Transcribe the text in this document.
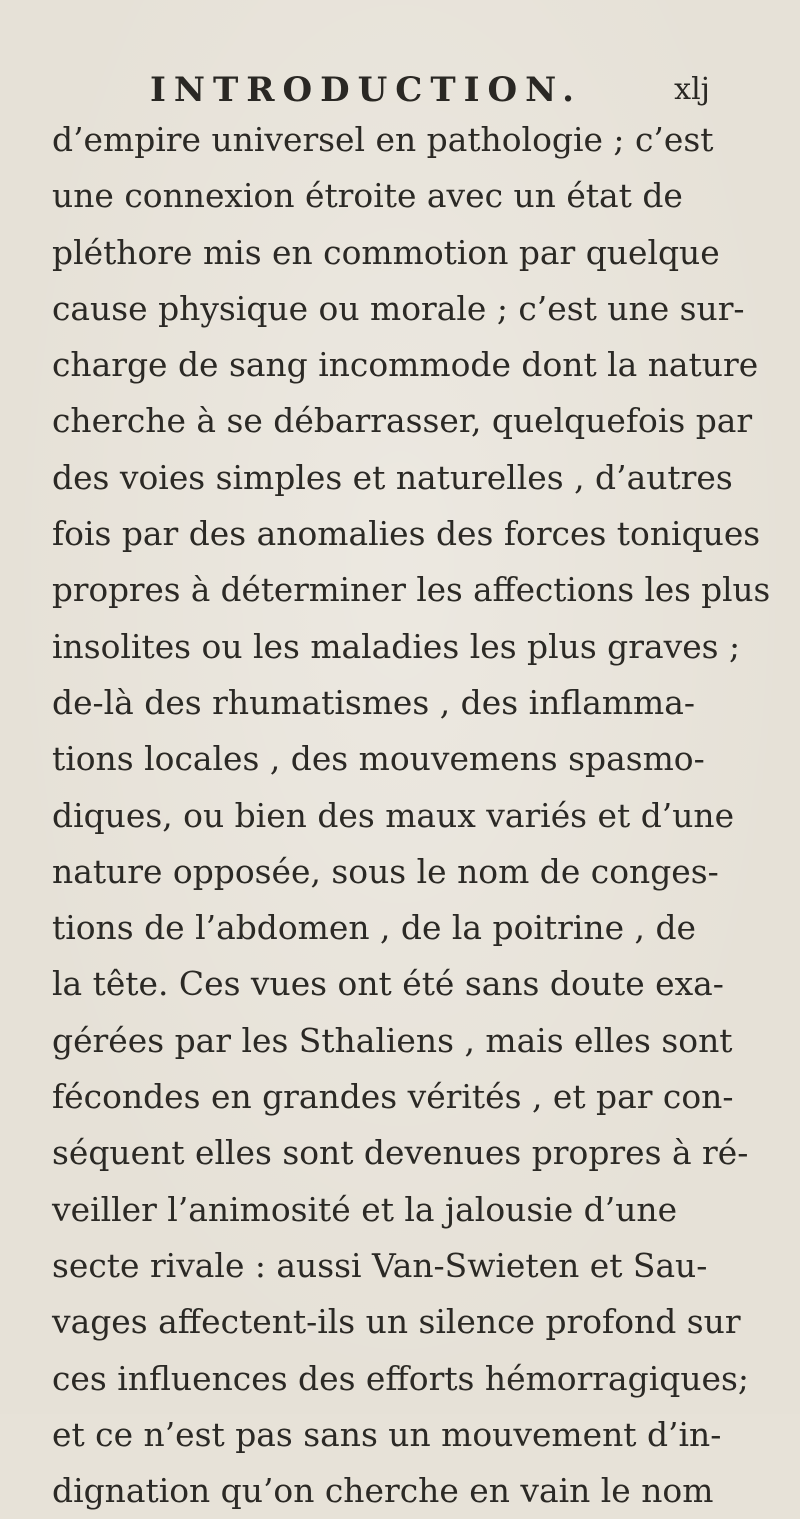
INTRODUCTION.	xlj
d’empire universel en pathologie ; c’est
une connexion étroite avec un état de
pléthore mis en commotion par quelque
cause physique ou morale ; c’est une sur-
charge de sang incommode dont la nature
cherche à se débarrasser, quelquefois par
des voies simples et naturelles , d’autres
fois par des anomalies des forces toniques
propres à déterminer les affections les plus
insolites ou les maladies les plus graves ;
de-là des rhumatismes , des inflamma-
tions locales , des mouvemens spasmo-
diques, ou bien des maux variés et d’une
nature opposée, sous le nom de conges-
tions de l’abdomen , de la poitrine , de
la tête. Ces vues ont été sans doute exa-
gérées par les Sthaliens , mais elles sont
fécondes en grandes vérités , et par con-
séquent elles sont devenues propres à ré-
veiller l’animosité et la jalousie d’une
secte rivale : aussi Van-Swieten et Sau-
vages affectent-ils un silence profond sur
ces influences des efforts hémorragiques;
et ce n’est pas sans un mouvement d’in-
dignation qu’on cherche en vain le nom
